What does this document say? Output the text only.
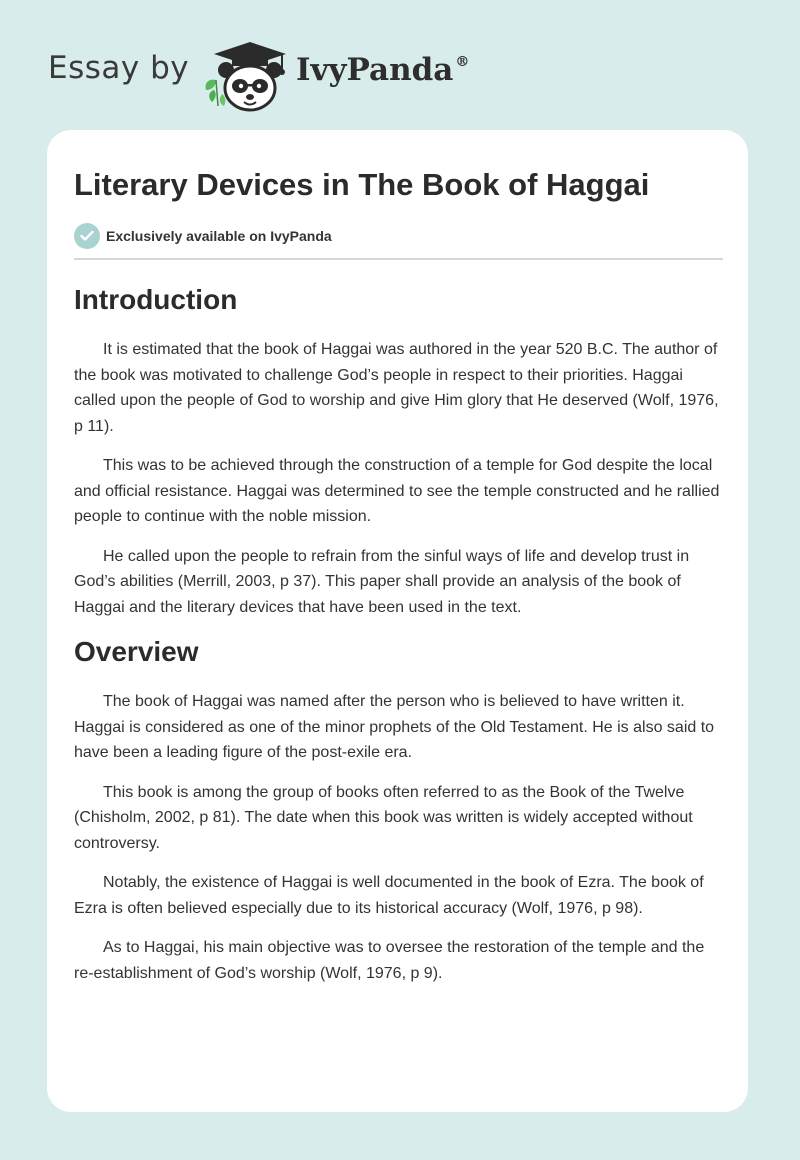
Essay by	IvyPanda ®
Literary Devices in The Book of Haggai
Exclusively available on IvyPanda
Introduction

It is estimated that the book of Haggai was authored in the year 520 B.C. The author of the book was motivated to challenge God’s people in respect to their priorities. Haggai called upon the people of God to worship and give Him glory that He deserved (Wolf, 1976, p 11).

This was to be achieved through the construction of a temple for God despite the local and official resistance. Haggai was determined to see the temple constructed and he rallied people to continue with the noble mission.

He called upon the people to refrain from the sinful ways of life and develop trust in God’s abilities (Merrill, 2003, p 37). This paper shall provide an analysis of the book of Haggai and the literary devices that have been used in the text.

Overview

The book of Haggai was named after the person who is believed to have written it. Haggai is considered as one of the minor prophets of the Old Testament. He is also said to have been a leading figure of the post-exile era.

This book is among the group of books often referred to as the Book of the Twelve (Chisholm, 2002, p 81). The date when this book was written is widely accepted without controversy.

Notably, the existence of Haggai is well documented in the book of Ezra. The book of Ezra is often believed especially due to its historical accuracy (Wolf, 1976, p 98).

As to Haggai, his main objective was to oversee the restoration of the temple and the re-establishment of God’s worship (Wolf, 1976, p 9).
